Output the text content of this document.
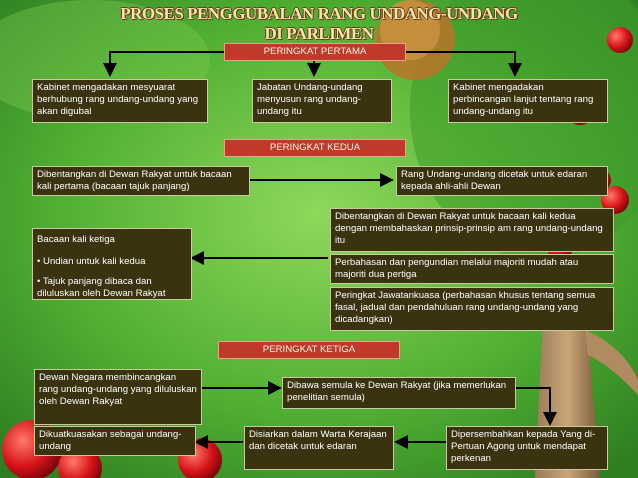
PROSES PENGGUBALAN RANG UNDANG-UNDANG
DI PARLIMEN
PERINGKAT PERTAMA
Kabinet mengadakan mesyuarat berhubung rang undang-undang yang akan digubal
Jabatan Undang-undang menyusun rang undang-undang itu
Kabinet mengadakan perbincangan lanjut tentang rang undang-undang itu
PERINGKAT KEDUA
Dibentangkan di Dewan Rakyat untuk bacaan kali pertama (bacaan tajuk panjang)
Rang Undang-undang dicetak untuk edaran kepada ahli-ahli Dewan
Dibentangkan di Dewan Rakyat untuk bacaan kali kedua dengan membahaskan prinsip-prinsip am rang undang-undang itu
Perbahasan dan pengundian melalui majoriti mudah atau majoriti dua pertiga
Peringkat Jawatankuasa (perbahasan khusus tentang semua fasal, jadual dan pendahuluan rang undang-undang yang dicadangkan)

Bacaan kali ketiga

• Undian untuk kali kedua

• Tajuk panjang dibaca dan diluluskan oleh Dewan Rakyat

PERINGKAT KETIGA
Dewan Negara membincangkan rang undang-undang yang diluluskan oleh Dewan Rakyat
Dibawa semula ke Dewan Rakyat (jika memerlukan penelitian semula)
Dipersembahkan kepada Yang di-Pertuan Agong untuk mendapat perkenan
Disiarkan dalam Warta Kerajaan dan dicetak untuk edaran
Dikuatkuasakan sebagai undang-undang
